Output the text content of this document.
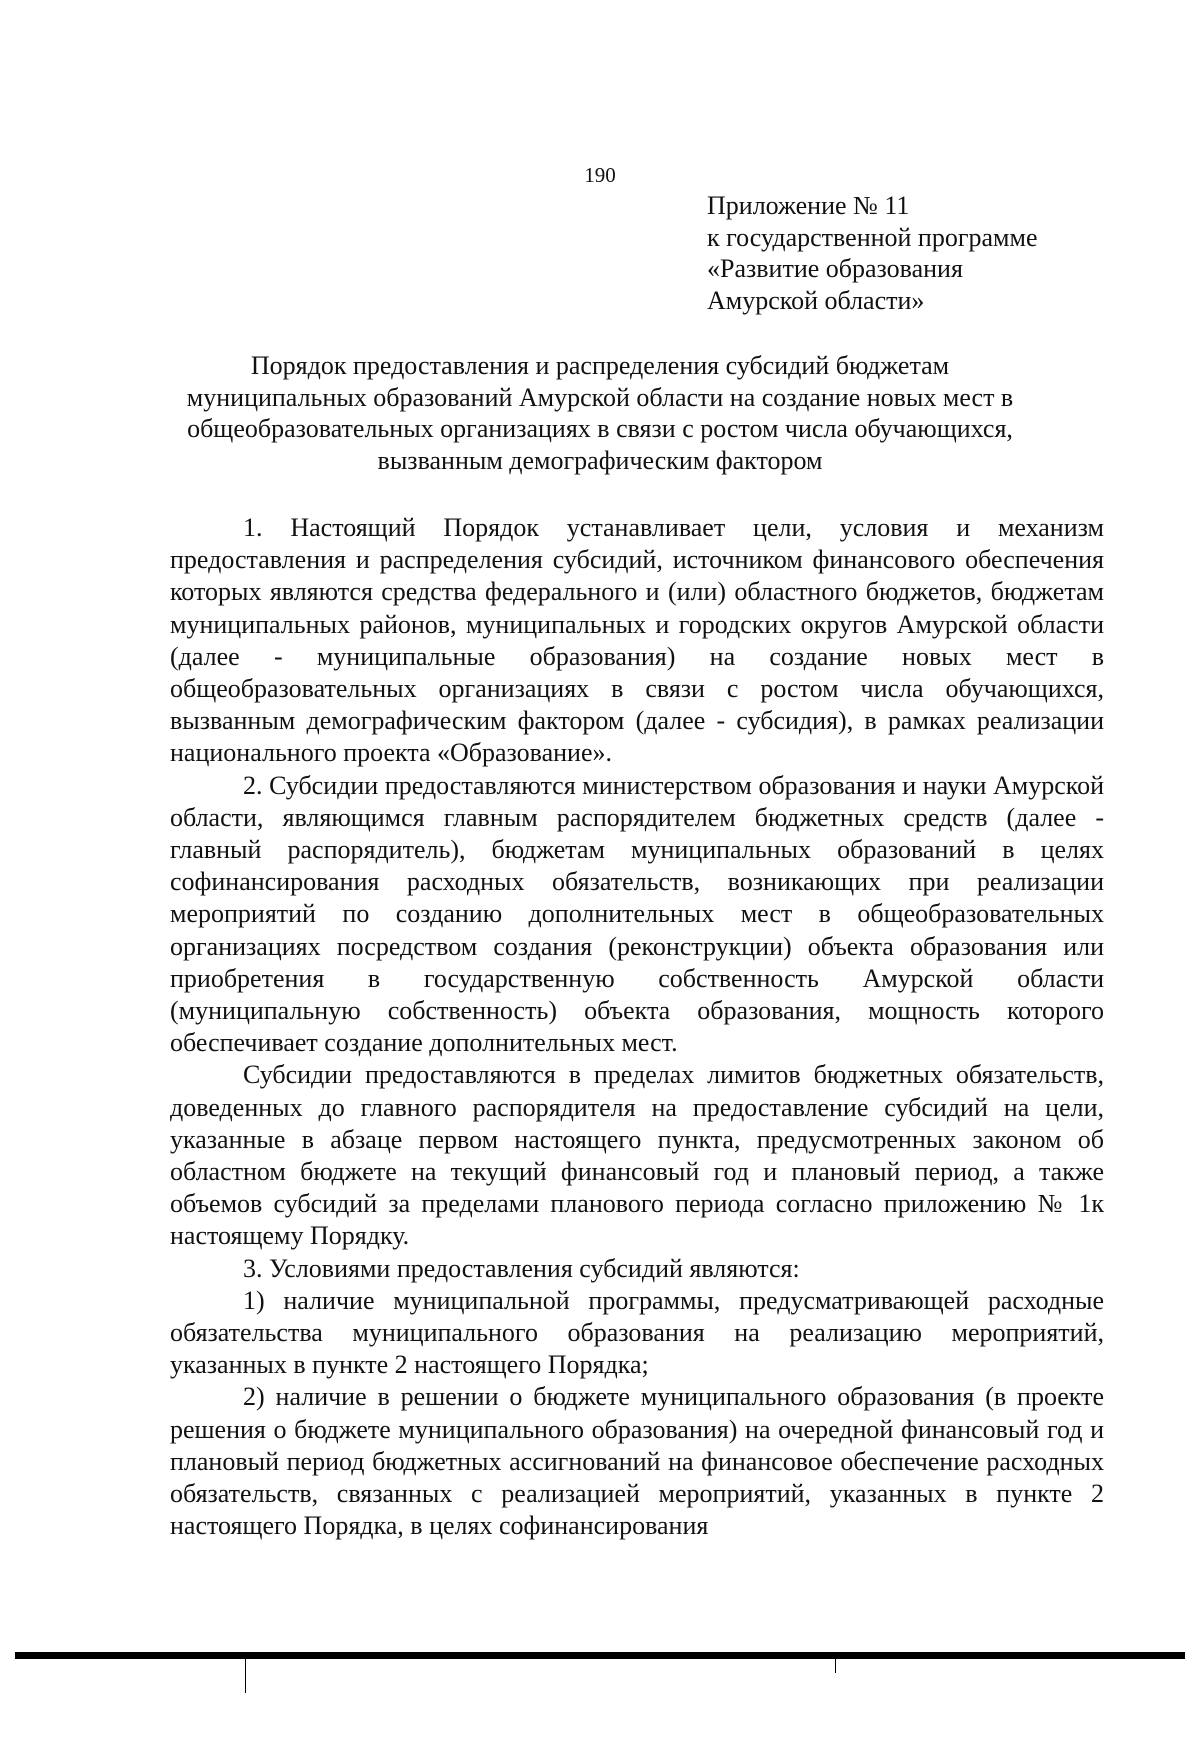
190
Приложение № 11
к государственной программе
«Развитие образования
Амурской области»
Порядок предоставления и распределения субсидий бюджетам
муниципальных образований Амурской области на создание новых мест в
общеобразовательных организациях в связи с ростом числа обучающихся,
вызванным демографическим фактором

1. Настоящий Порядок устанавливает цели, условия и механизм предоставления и распределения субсидий, источником финансового обеспечения которых являются средства федерального и (или) областного бюджетов, бюджетам муниципальных районов, муниципальных и городских округов Амурской области (далее - муниципальные образования) на создание новых мест в общеобразовательных организациях в связи с ростом числа обучающихся, вызванным демографическим фактором (далее - субсидия), в рамках реализации национального проекта «Образование».

2. Субсидии предоставляются министерством образования и науки Амурской области, являющимся главным распорядителем бюджетных средств (далее - главный распорядитель), бюджетам муниципальных образований в целях софинансирования расходных обязательств, возникающих при реализации мероприятий по созданию дополнительных мест в общеобразовательных организациях посредством создания (реконструкции) объекта образования или приобретения в государственную собственность Амурской области (муниципальную собственность) объекта образования, мощность которого обеспечивает создание дополнительных мест.

Субсидии предоставляются в пределах лимитов бюджетных обязательств, доведенных до главного распорядителя на предоставление субсидий на цели, указанные в абзаце первом настоящего пункта, предусмотренных законом об областном бюджете на текущий финансовый год и плановый период, а также объемов субсидий за пределами планового периода согласно приложению № 1к настоящему Порядку.

3. Условиями предоставления субсидий являются:

1) наличие муниципальной программы, предусматривающей расходные обязательства муниципального образования на реализацию мероприятий, указанных в пункте 2 настоящего Порядка;

2) наличие в решении о бюджете муниципального образования (в проекте решения о бюджете муниципального образования) на очередной финансовый год и плановый период бюджетных ассигнований на финансовое обеспечение расходных обязательств, связанных с реализацией мероприятий, указанных в пункте 2 настоящего Порядка, в целях софинансирования
